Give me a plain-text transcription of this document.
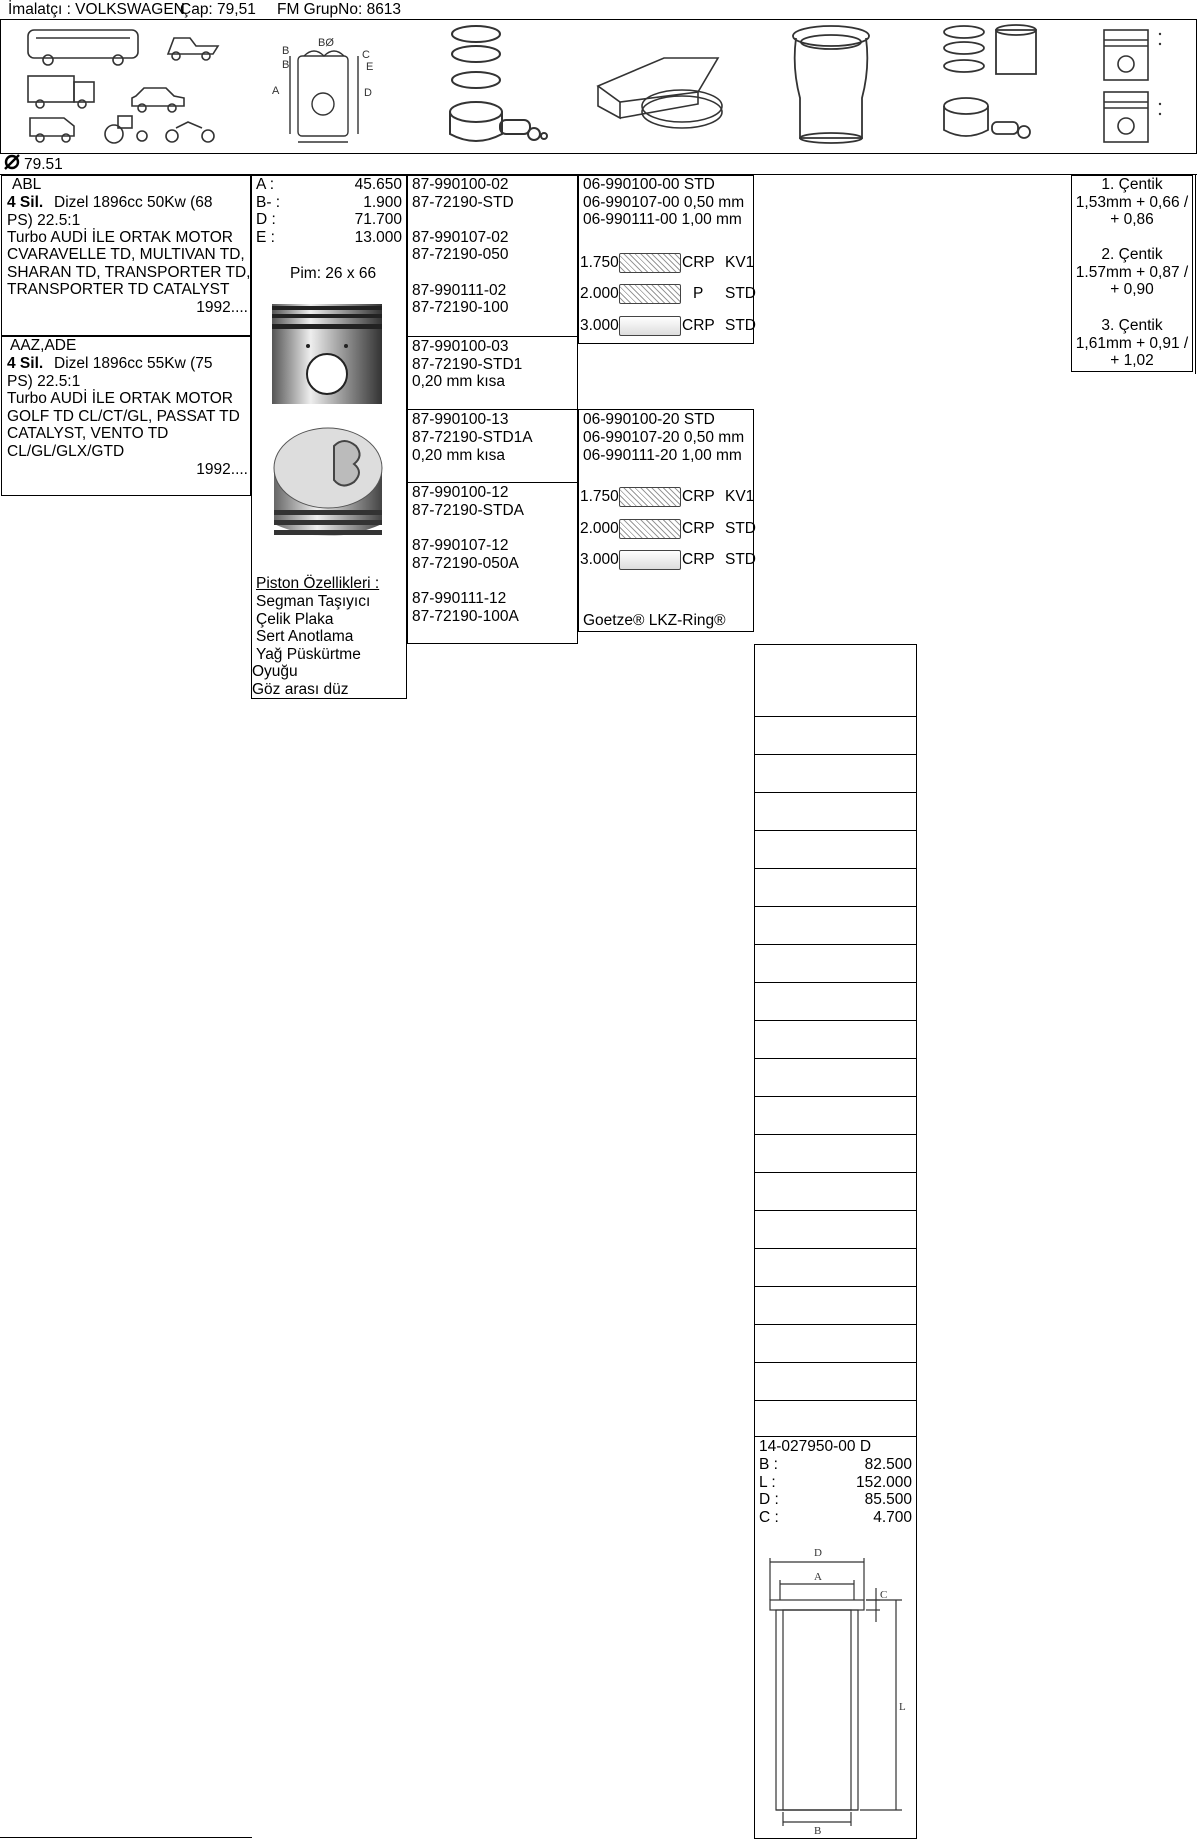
İmalatçı : VOLKSWAGEN
Çap: 79,51 FM GrupNo: 8613
BØ
B
B
A
C
E
D
79.51
ABL
4 Sil. Dizel 1896cc 50Kw (68
PS) 22.5:1
Turbo AUDİ İLE ORTAK MOTOR
CVARAVELLE TD, MULTIVAN TD,
SHARAN TD, TRANSPORTER TD,
TRANSPORTER TD CATALYST
1992....
AAZ,ADE
4 Sil. Dizel 1896cc 55Kw (75
PS) 22.5:1
Turbo AUDİ İLE ORTAK MOTOR
GOLF TD CL/CT/GL, PASSAT TD
CATALYST, VENTO TD
CL/GL/GLX/GTD
1992....
A :	45.650
B- :	1.900
D :	71.700
E :	13.000
Pim: 26 x 66
Piston Özellikleri :
Segman Taşıyıcı
Çelik Plaka
Sert Anotlama
Yağ Püskürtme
Oyuğu
Göz arası düz
87-990100-02
87-72190-STD
87-990107-02
87-72190-050
87-990111-02
87-72190-100
87-990100-03
87-72190-STD1
0,20 mm kısa
87-990100-13
87-72190-STD1A
0,20 mm kısa
87-990100-12
87-72190-STDA
87-990107-12
87-72190-050A
87-990111-12
87-72190-100A
06-990100-00 STD
06-990107-00 0,50 mm
06-990111-00 1,00 mm
1.750	CRP KV1
2.000	P STD
3.000	CRP STD
06-990100-20 STD
06-990107-20 0,50 mm
06-990111-20 1,00 mm
1.750	CRP KV1
2.000	CRP STD
3.000	CRP STD
Goetze® LKZ-Ring®
14-027950-00 D
B :	82.500
L :	152.000
D :	85.500
C :	4.700
D
A
B
C
L
1. Çentik
1,53mm + 0,66 /
+ 0,86
2. Çentik
1.57mm + 0,87 /
+ 0,90
3. Çentik
1,61mm + 0,91 /
+ 1,02
